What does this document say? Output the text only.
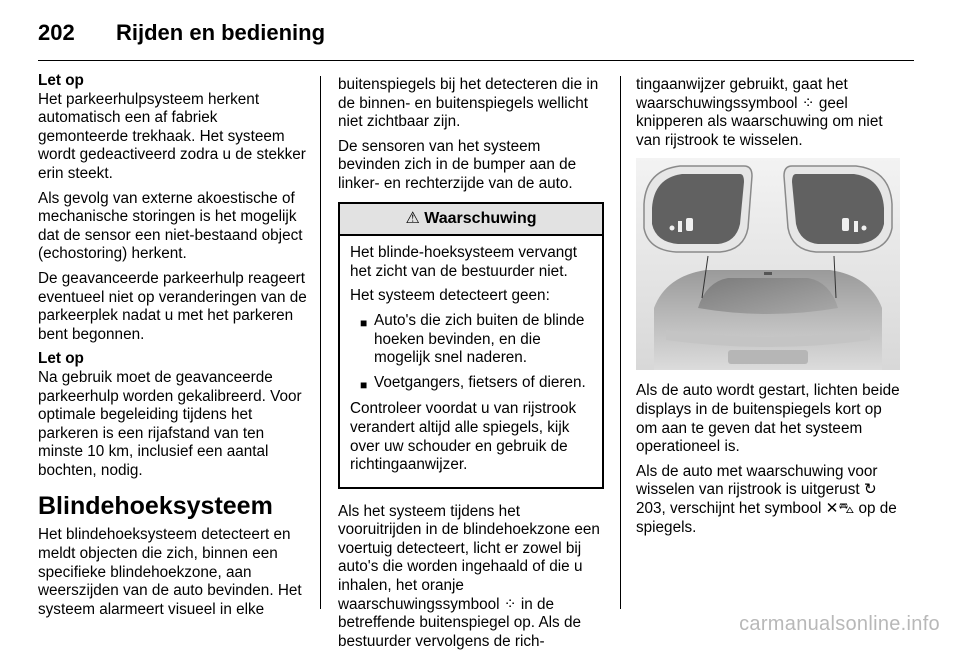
202 Rijden en bediening

Let op

Het parkeerhulpsysteem herkent automatisch een af fabriek gemonteerde trekhaak. Het systeem wordt gedeactiveerd zodra u de stekker erin steekt.

Als gevolg van externe akoestische of mechanische storingen is het mogelijk dat de sensor een niet-bestaand object (echostoring) herkent.

De geavanceerde parkeerhulp reageert eventueel niet op veranderingen van de parkeerplek nadat u met het parkeren bent begonnen.

Let op

Na gebruik moet de geavanceerde parkeerhulp worden gekalibreerd. Voor optimale begeleiding tijdens het parkeren is een rijafstand van ten minste 10 km, inclusief een aantal bochten, nodig.

Blindehoeksysteem

Het blindehoeksysteem detecteert en meldt objecten die zich, binnen een specifieke blindehoekzone, aan weerszijden van de auto bevinden. Het systeem alarmeert visueel in elke

buitenspiegels bij het detecteren die in de binnen- en buitenspiegels wellicht niet zichtbaar zijn.

De sensoren van het systeem bevinden zich in de bumper aan de linker- en rechterzijde van de auto.

⚠ Waarschuwing

Het blinde-hoeksysteem vervangt het zicht van de bestuurder niet.

Het systeem detecteert geen:

■ Auto's die zich buiten de blinde hoeken bevinden, en die mogelijk snel naderen.
■ Voetgangers, fietsers of dieren.

Controleer voordat u van rijstrook verandert altijd alle spiegels, kijk over uw schouder en gebruik de richtingaanwijzer.

Als het systeem tijdens het vooruitrijden in de blindehoekzone een voertuig detecteert, licht er zowel bij auto's die worden ingehaald of die u inhalen, het oranje waarschuwingssymbool ⁘ in de betreffende buitenspiegel op. Als de bestuurder vervolgens de rich-

tingaanwijzer gebruikt, gaat het waarschuwingssymbool ⁘ geel knipperen als waarschuwing om niet van rijstrook te wisselen.

Als de auto wordt gestart, lichten beide displays in de buitenspiegels kort op om aan te geven dat het systeem operationeel is.

Als de auto met waarschuwing voor wisselen van rijstrook is uitgerust ↻ 203, verschijnt het symbool ✕⛍ op de spiegels.

carmanualsonline.info
